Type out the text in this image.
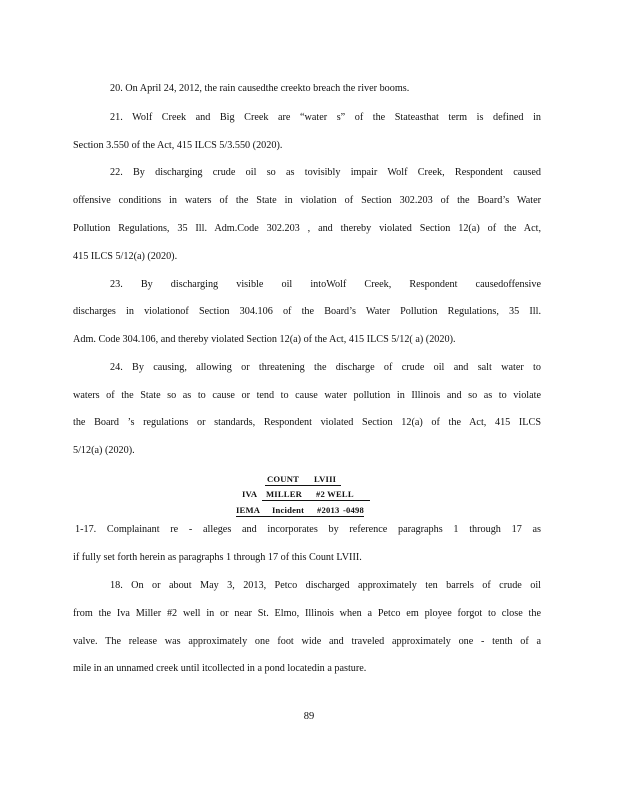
20. On April 24, 2012, the rain causedthe creekto breach the river booms.
21. Wolf Creek and Big Creek are “water s” of the Stateasthat term is defined in
Section 3.550 of the Act, 415 ILCS 5/3.550 (2020).
22. By discharging crude oil so as tovisibly impair Wolf Creek, Respondent caused
offensive conditions in waters of the State in violation of Section 302.203 of the Board’s Water
Pollution Regulations, 35 Ill. Adm.Code 302.203 , and thereby violated Section 12(a) of the Act,
415 ILCS 5/12(a) (2020).
23. By discharging visible oil intoWolf Creek, Respondent causedoffensive
discharges in violationof Section 304.106 of the Board’s Water Pollution Regulations, 35 Ill.
Adm. Code 304.106, and thereby violated Section 12(a) of the Act, 415 ILCS 5/12( a) (2020).
24. By causing, allowing or threatening the discharge of crude oil and salt water to
waters of the State so as to cause or tend to cause water pollution in Illinois and so as to violate
the Board ’s regulations or standards, Respondent violated Section 12(a) of the Act, 415 ILCS
5/12(a) (2020).
COUNT LVIII
IVA MILLER #2 WELL
IEMA Incident #2013 -0498
1-17. Complainant re - alleges and incorporates by reference paragraphs 1 through 17 as
if fully set forth herein as paragraphs 1 through 17 of this Count LVIII.
18. On or about May 3, 2013, Petco discharged approximately ten barrels of crude oil
from the Iva Miller #2 well in or near St. Elmo, Illinois when a Petco em ployee forgot to close the
valve. The release was approximately one foot wide and traveled approximately one - tenth of a
mile in an unnamed creek until itcollected in a pond locatedin a pasture.
89
